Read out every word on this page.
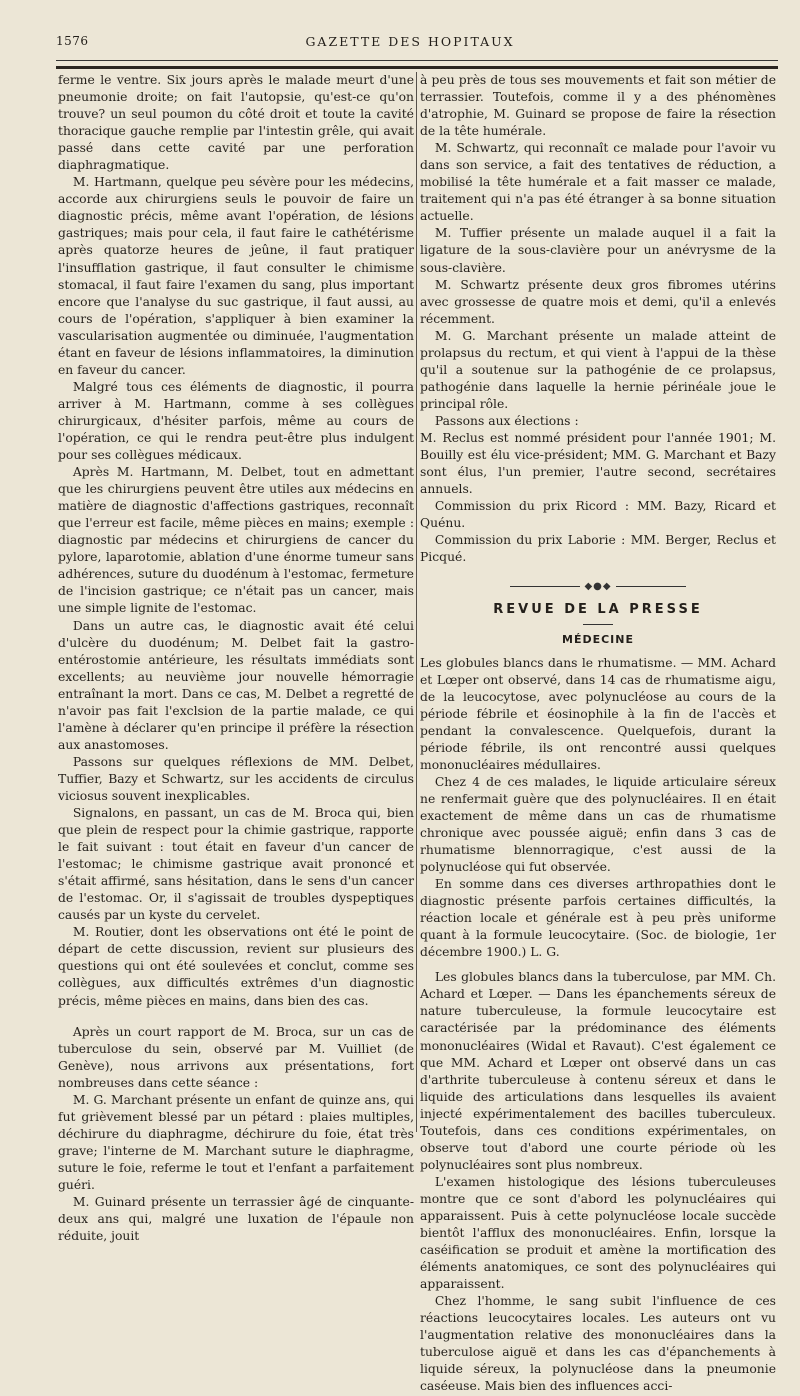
1576	GAZETTE DES HOPITAUX

ferme le ventre. Six jours après le malade meurt d'une pneumonie droite; on fait l'autopsie, qu'est-ce qu'on trouve? un seul poumon du côté droit et toute la cavité thoracique gauche remplie par l'intestin grêle, qui avait passé dans cette cavité par une perforation diaphragmatique.

M. Hartmann, quelque peu sévère pour les médecins, accorde aux chirurgiens seuls le pouvoir de faire un diagnostic précis, même avant l'opération, de lésions gastriques; mais pour cela, il faut faire le cathétérisme après quatorze heures de jeûne, il faut pratiquer l'insufflation gastrique, il faut consulter le chimisme stomacal, il faut faire l'examen du sang, plus important encore que l'analyse du suc gastrique, il faut aussi, au cours de l'opération, s'appliquer à bien examiner la vascularisation augmentée ou diminuée, l'augmentation étant en faveur de lésions inflammatoires, la diminution en faveur du cancer.

Malgré tous ces éléments de diagnostic, il pourra arriver à M. Hartmann, comme à ses collègues chirurgicaux, d'hésiter parfois, même au cours de l'opération, ce qui le rendra peut-être plus indulgent pour ses collègues médicaux.

Après M. Hartmann, M. Delbet, tout en admettant que les chirurgiens peuvent être utiles aux médecins en matière de diagnostic d'affections gastriques, reconnaît que l'erreur est facile, même pièces en mains; exemple : diagnostic par médecins et chirurgiens de cancer du pylore, laparotomie, ablation d'une énorme tumeur sans adhérences, suture du duodénum à l'estomac, fermeture de l'incision gastrique; ce n'était pas un cancer, mais une simple lignite de l'estomac.

Dans un autre cas, le diagnostic avait été celui d'ulcère du duodénum; M. Delbet fait la gastro-entérostomie antérieure, les résultats immédiats sont excellents; au neuvième jour nouvelle hémorragie entraînant la mort. Dans ce cas, M. Delbet a regretté de n'avoir pas fait l'exclsion de la partie malade, ce qui l'amène à déclarer qu'en principe il préfère la résection aux anastomoses.

Passons sur quelques réflexions de MM. Delbet, Tuffier, Bazy et Schwartz, sur les accidents de circulus viciosus souvent inexplicables.

Signalons, en passant, un cas de M. Broca qui, bien que plein de respect pour la chimie gastrique, rapporte le fait suivant : tout était en faveur d'un cancer de l'estomac; le chimisme gastrique avait prononcé et s'était affirmé, sans hésitation, dans le sens d'un cancer de l'estomac. Or, il s'agissait de troubles dyspeptiques causés par un kyste du cervelet.

M. Routier, dont les observations ont été le point de départ de cette discussion, revient sur plusieurs des questions qui ont été soulevées et conclut, comme ses collègues, aux difficultés extrêmes d'un diagnostic précis, même pièces en mains, dans bien des cas.

Après un court rapport de M. Broca, sur un cas de tuberculose du sein, observé par M. Vuilliet (de Genève), nous arrivons aux présentations, fort nombreuses dans cette séance :

M. G. Marchant présente un enfant de quinze ans, qui fut grièvement blessé par un pétard : plaies multiples, déchirure du diaphragme, déchirure du foie, état très grave; l'interne de M. Marchant suture le diaphragme, suture le foie, referme le tout et l'enfant a parfaitement guéri.

M. Guinard présente un terrassier âgé de cinquante-deux ans qui, malgré une luxation de l'épaule non réduite, jouit

à peu près de tous ses mouvements et fait son métier de terrassier. Toutefois, comme il y a des phénomènes d'atrophie, M. Guinard se propose de faire la résection de la tête humérale.

M. Schwartz, qui reconnaît ce malade pour l'avoir vu dans son service, a fait des tentatives de réduction, a mobilisé la tête humérale et a fait masser ce malade, traitement qui n'a pas été étranger à sa bonne situation actuelle.

M. Tuffier présente un malade auquel il a fait la ligature de la sous-clavière pour un anévrysme de la sous-clavière.

M. Schwartz présente deux gros fibromes utérins avec grossesse de quatre mois et demi, qu'il a enlevés récemment.

M. G. Marchant présente un malade atteint de prolapsus du rectum, et qui vient à l'appui de la thèse qu'il a soutenue sur la pathogénie de ce prolapsus, pathogénie dans laquelle la hernie périnéale joue le principal rôle.

Passons aux élections :

M. Reclus est nommé président pour l'année 1901; M. Bouilly est élu vice-président; MM. G. Marchant et Bazy sont élus, l'un premier, l'autre second, secrétaires annuels.

Commission du prix Ricord : MM. Bazy, Ricard et Quénu.

Commission du prix Laborie : MM. Berger, Reclus et Picqué.

◆●◆
REVUE DE LA PRESSE
MÉDECINE

Les globules blancs dans le rhumatisme. — MM. Achard et Lœper ont observé, dans 14 cas de rhumatisme aigu, de la leucocytose, avec polynucléose au cours de la période fébrile et éosinophile à la fin de l'accès et pendant la convalescence. Quelquefois, durant la période fébrile, ils ont rencontré aussi quelques mononucléaires médullaires.

Chez 4 de ces malades, le liquide articulaire séreux ne renfermait guère que des polynucléaires. Il en était exactement de même dans un cas de rhumatisme chronique avec poussée aiguë; enfin dans 3 cas de rhumatisme blennorragique, c'est aussi de la polynucléose qui fut observée.

En somme dans ces diverses arthropathies dont le diagnostic présente parfois certaines difficultés, la réaction locale et générale est à peu près uniforme quant à la formule leucocytaire. (Soc. de biologie, 1er décembre 1900.) L. G.

Les globules blancs dans la tuberculose, par MM. Ch. Achard et Lœper. — Dans les épanchements séreux de nature tuberculeuse, la formule leucocytaire est caractérisée par la prédominance des éléments mononucléaires (Widal et Ravaut). C'est également ce que MM. Achard et Lœper ont observé dans un cas d'arthrite tuberculeuse à contenu séreux et dans le liquide des articulations dans lesquelles ils avaient injecté expérimentalement des bacilles tuberculeux. Toutefois, dans ces conditions expérimentales, on observe tout d'abord une courte période où les polynucléaires sont plus nombreux.

L'examen histologique des lésions tuberculeuses montre que ce sont d'abord les polynucléaires qui apparaissent. Puis à cette polynucléose locale succède bientôt l'afflux des mononucléaires. Enfin, lorsque la caséification se produit et amène la mortification des éléments anatomiques, ce sont des polynucléaires qui apparaissent.

Chez l'homme, le sang subit l'influence de ces réactions leucocytaires locales. Les auteurs ont vu l'augmentation relative des mononucléaires dans la tuberculose aiguë et dans les cas d'épanchements à liquide séreux, la polynucléose dans la pneumonie caséeuse. Mais bien des influences acci-
